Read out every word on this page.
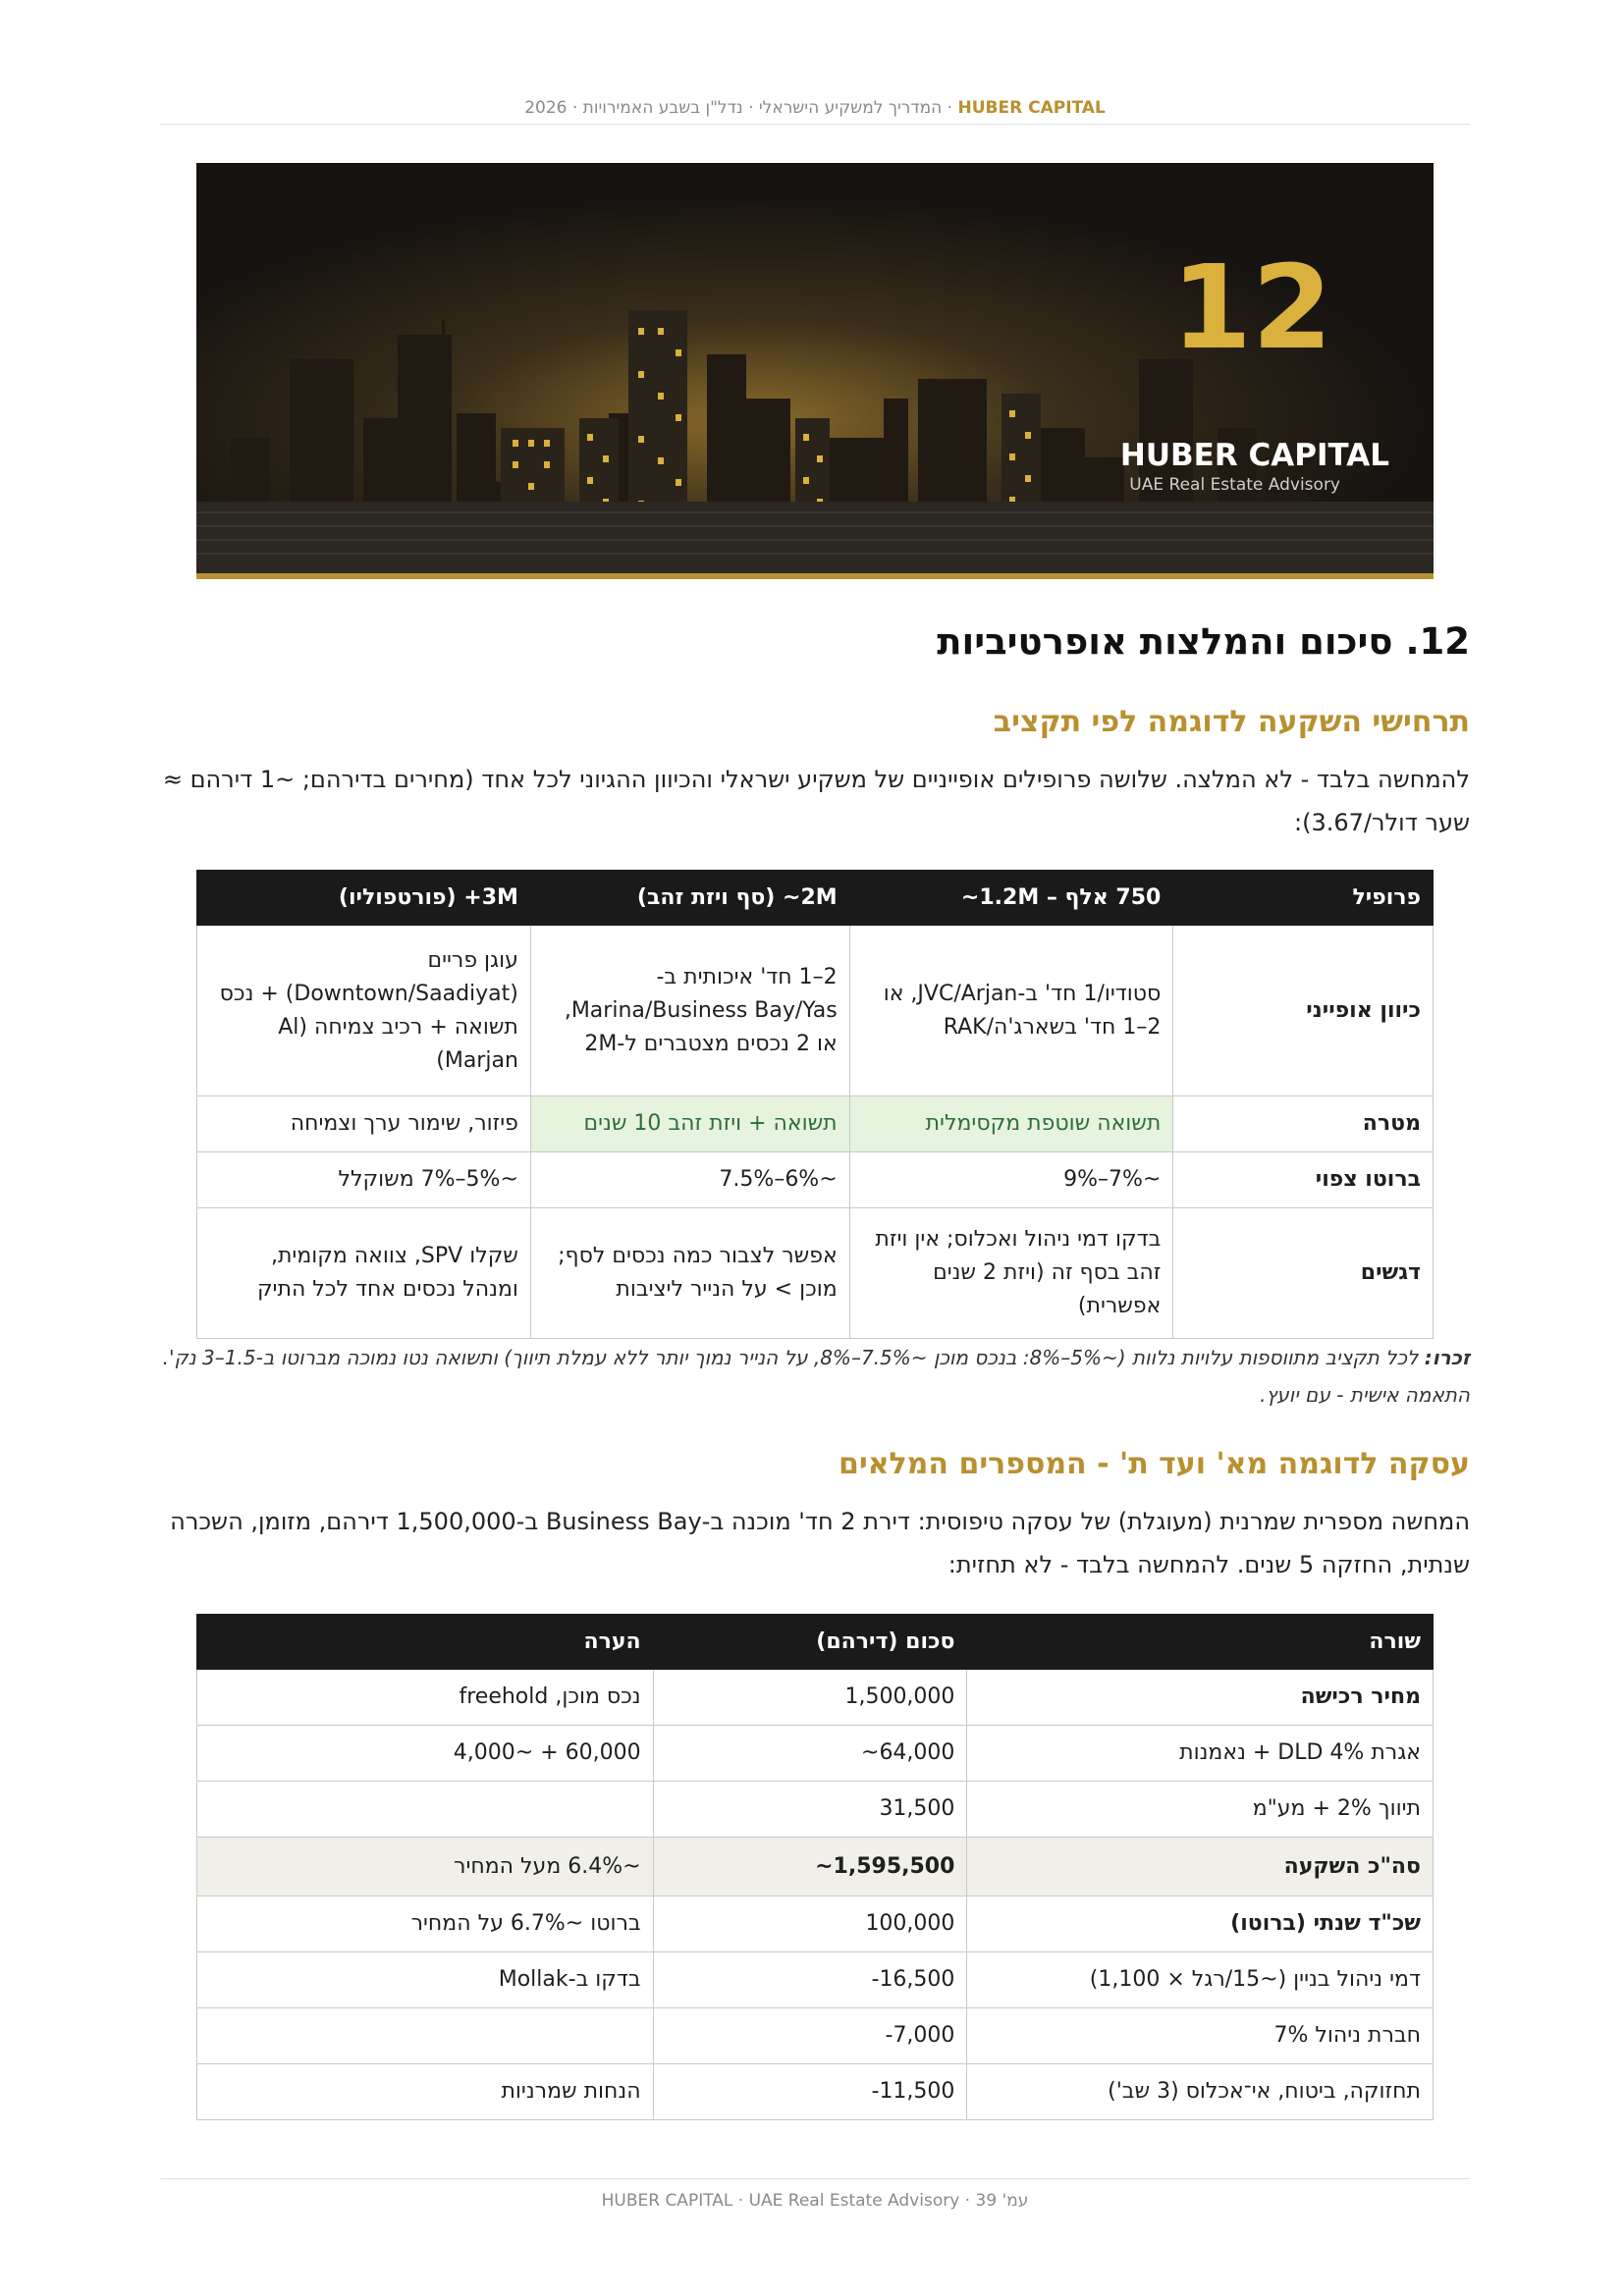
HUBER CAPITAL · המדריך למשקיע הישראלי · נדל"ן בשבע האמירויות · 2026
12
HUBER CAPITAL
UAE Real Estate Advisory
12. סיכום והמלצות אופרטיביות
תרחישי השקעה לדוגמה לפי תקציב
להמחשה בלבד - לא המלצה. שלושה פרופילים אופייניים של משקיע ישראלי והכיוון ההגיוני לכל אחד (מחירים בדירהם; ~1 דירהם ≈ שער דולר/3.67):
פרופיל	750 אלף – 1.2M~	2M~ (סף ויזת זהב)	3M+ (פורטפוליו)
כיוון אופייני	סטודיו/1 חד' ב-JVC/Arjan, או 2–1 חד' בשארג'ה/RAK	2–1 חד' איכותית ב-Marina/Business Bay/Yas, או 2 נכסים מצטברים ל-2M	עוגן פריים (Downtown/Saadiyat) + נכס תשואה + רכיב צמיחה (Al Marjan)
מטרה	תשואה שוטפת מקסימלית	תשואה + ויזת זהב 10 שנים	פיזור, שימור ערך וצמיחה
ברוטו צפוי	~7%–9%	~6%–7.5%	~5%–7% משוקלל
דגשים	בדקו דמי ניהול ואכלוס; אין ויזת זהב בסף זה (ויזת 2 שנים אפשרית)	אפשר לצבור כמה נכסים לסף; מוכן > על הנייר ליציבות	שקלו SPV, צוואה מקומית, ומנהל נכסים אחד לכל התיק
זכרו: לכל תקציב מתווספות עלויות נלוות (~5%–8%: בנכס מוכן ~7.5%–8%, על הנייר נמוך יותר ללא עמלת תיווך) ותשואה נטו נמוכה מברוטו ב-1.5–3 נק'. התאמה אישית - עם יועץ.
עסקה לדוגמה מא' ועד ת' - המספרים המלאים
המחשה מספרית שמרנית (מעוגלת) של עסקה טיפוסית: דירת 2 חד' מוכנה ב-Business Bay ב-1,500,000 דירהם, מזומן, השכרה שנתית, החזקה 5 שנים. להמחשה בלבד - לא תחזית:
שורה	סכום (דירהם)	הערה
מחיר רכישה	1,500,000	נכס מוכן, freehold
אגרת DLD 4% + נאמנות	64,000~	60,000 + ~4,000
תיווך 2% + מע"מ	31,500	
סה"כ השקעה	1,595,500~	~6.4% מעל המחיר
שכ"ד שנתי (ברוטו)	100,000	ברוטו ~6.7% על המחיר
דמי ניהול בניין (~15/רגל × 1,100)	16,500-	בדקו ב-Mollak
חברת ניהול 7%	7,000-	
תחזוקה, ביטוח, אי־אכלוס (3 שב')	11,500-	הנחות שמרניות
עמ' 39 · HUBER CAPITAL · UAE Real Estate Advisory
